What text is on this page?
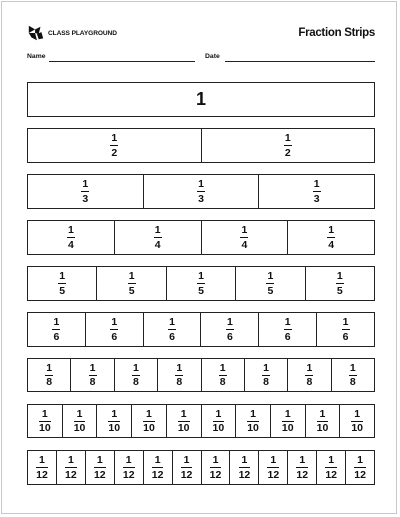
CLASS PLAYGROUND	Fraction Strips
Name	Date
1
$\frac{1}{2}$	$\frac{1}{2}$
$\frac{1}{3}$	$\frac{1}{3}$	$\frac{1}{3}$
$\frac{1}{4}$	$\frac{1}{4}$	$\frac{1}{4}$	$\frac{1}{4}$
$\frac{1}{5}$	$\frac{1}{5}$	$\frac{1}{5}$	$\frac{1}{5}$	$\frac{1}{5}$
$\frac{1}{6}$	$\frac{1}{6}$	$\frac{1}{6}$	$\frac{1}{6}$	$\frac{1}{6}$	$\frac{1}{6}$
$\frac{1}{8}$	$\frac{1}{8}$	$\frac{1}{8}$	$\frac{1}{8}$	$\frac{1}{8}$	$\frac{1}{8}$	$\frac{1}{8}$	$\frac{1}{8}$
$\frac{1}{10} \frac{1}{10} \frac{1}{10} \frac{1}{10} \frac{1}{10} \frac{1}{10} \frac{1}{10} \frac{1}{10} \frac{1}{10} \frac{1}{10}$
$\frac{1}{12} \frac{1}{12} \frac{1}{12} \frac{1}{12} \frac{1}{12} \frac{1}{12} \frac{1}{12} \frac{1}{12} \frac{1}{12} \frac{1}{12} \frac{1}{12} \frac{1}{12}$
